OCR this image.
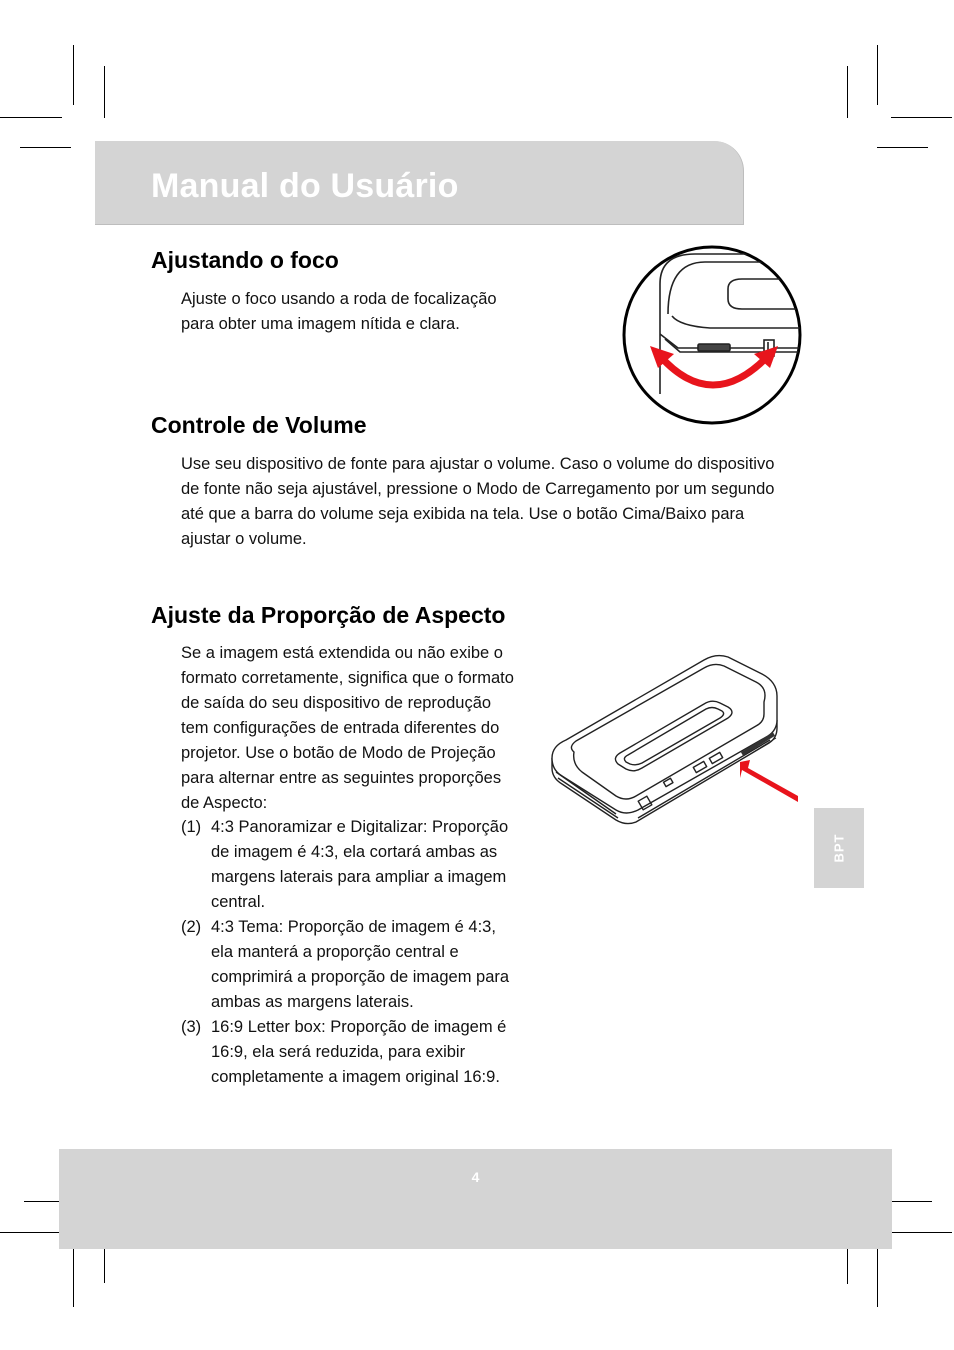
Manual do Usuário
Ajustando o foco

Ajuste o foco usando a roda de focalização para obter uma imagem nítida e clara.

Controle de Volume

Use seu dispositivo de fonte para ajustar o volume. Caso o volume do dispositivo de fonte não seja ajustável, pressione o Modo de Carregamento por um segundo até que a barra do volume seja exibida na tela. Use o botão Cima/Baixo para ajustar o volume.

Ajuste da Proporção de Aspecto

Se a imagem está extendida ou não exibe o formato corretamente, significa que o formato de saída do seu dispositivo de reprodução tem configurações de entrada diferentes do projetor. Use o botão de Modo de Projeção para alternar entre as seguintes proporções de Aspecto:

(1) 4:3 Panoramizar e Digitalizar: Proporção de imagem é 4:3, ela cortará ambas as margens laterais para ampliar a imagem central.
(2) 4:3 Tema: Proporção de imagem é 4:3, ela manterá a proporção central e comprimirá a proporção de imagem para ambas as margens laterais.
(3) 16:9 Letter box: Proporção de imagem é 16:9, ela será reduzida, para exibir completamente a imagem original 16:9.
BPT
4
